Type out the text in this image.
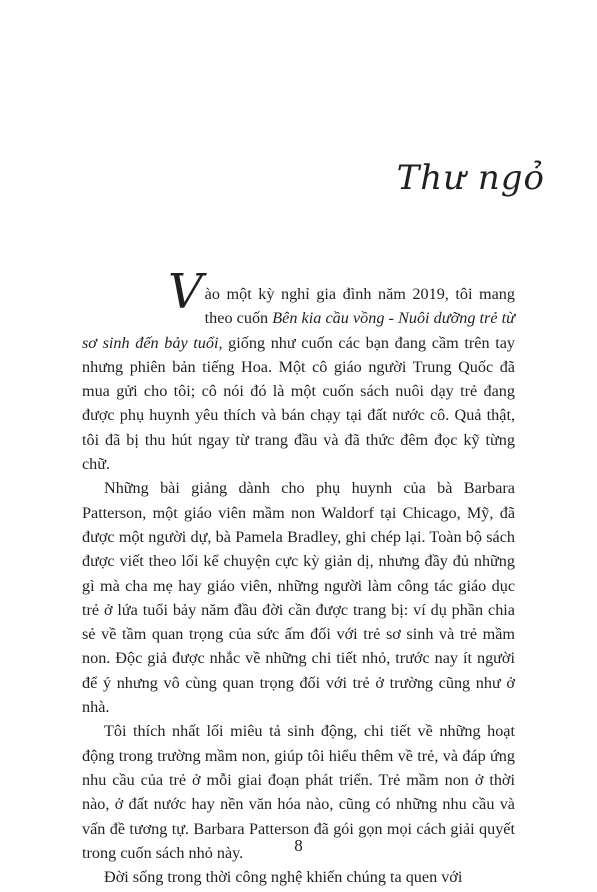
Thư ngỏ

Vào một kỳ nghỉ gia đình năm 2019, tôi mang theo cuốn Bên kia cầu vồng - Nuôi dưỡng trẻ từ sơ sinh đến bảy tuổi, giống như cuốn các bạn đang cầm trên tay nhưng phiên bản tiếng Hoa. Một cô giáo người Trung Quốc đã mua gửi cho tôi; cô nói đó là một cuốn sách nuôi dạy trẻ đang được phụ huynh yêu thích và bán chạy tại đất nước cô. Quả thật, tôi đã bị thu hút ngay từ trang đầu và đã thức đêm đọc kỹ từng chữ.

Những bài giảng dành cho phụ huynh của bà Barbara Patterson, một giáo viên mầm non Waldorf tại Chicago, Mỹ, đã được một người dự, bà Pamela Bradley, ghi chép lại. Toàn bộ sách được viết theo lối kể chuyện cực kỳ giản dị, nhưng đầy đủ những gì mà cha mẹ hay giáo viên, những người làm công tác giáo dục trẻ ở lứa tuổi bảy năm đầu đời cần được trang bị: ví dụ phần chia sẻ về tầm quan trọng của sức ấm đối với trẻ sơ sinh và trẻ mầm non. Độc giả được nhắc về những chi tiết nhỏ, trước nay ít người để ý nhưng vô cùng quan trọng đối với trẻ ở trường cũng như ở nhà.

Tôi thích nhất lối miêu tả sinh động, chi tiết về những hoạt động trong trường mầm non, giúp tôi hiểu thêm về trẻ, và đáp ứng nhu cầu của trẻ ở mỗi giai đoạn phát triển. Trẻ mầm non ở thời nào, ở đất nước hay nền văn hóa nào, cũng có những nhu cầu và vấn đề tương tự. Barbara Patterson đã gói gọn mọi cách giải quyết trong cuốn sách nhỏ này.

Đời sống trong thời công nghệ khiến chúng ta quen với

8
